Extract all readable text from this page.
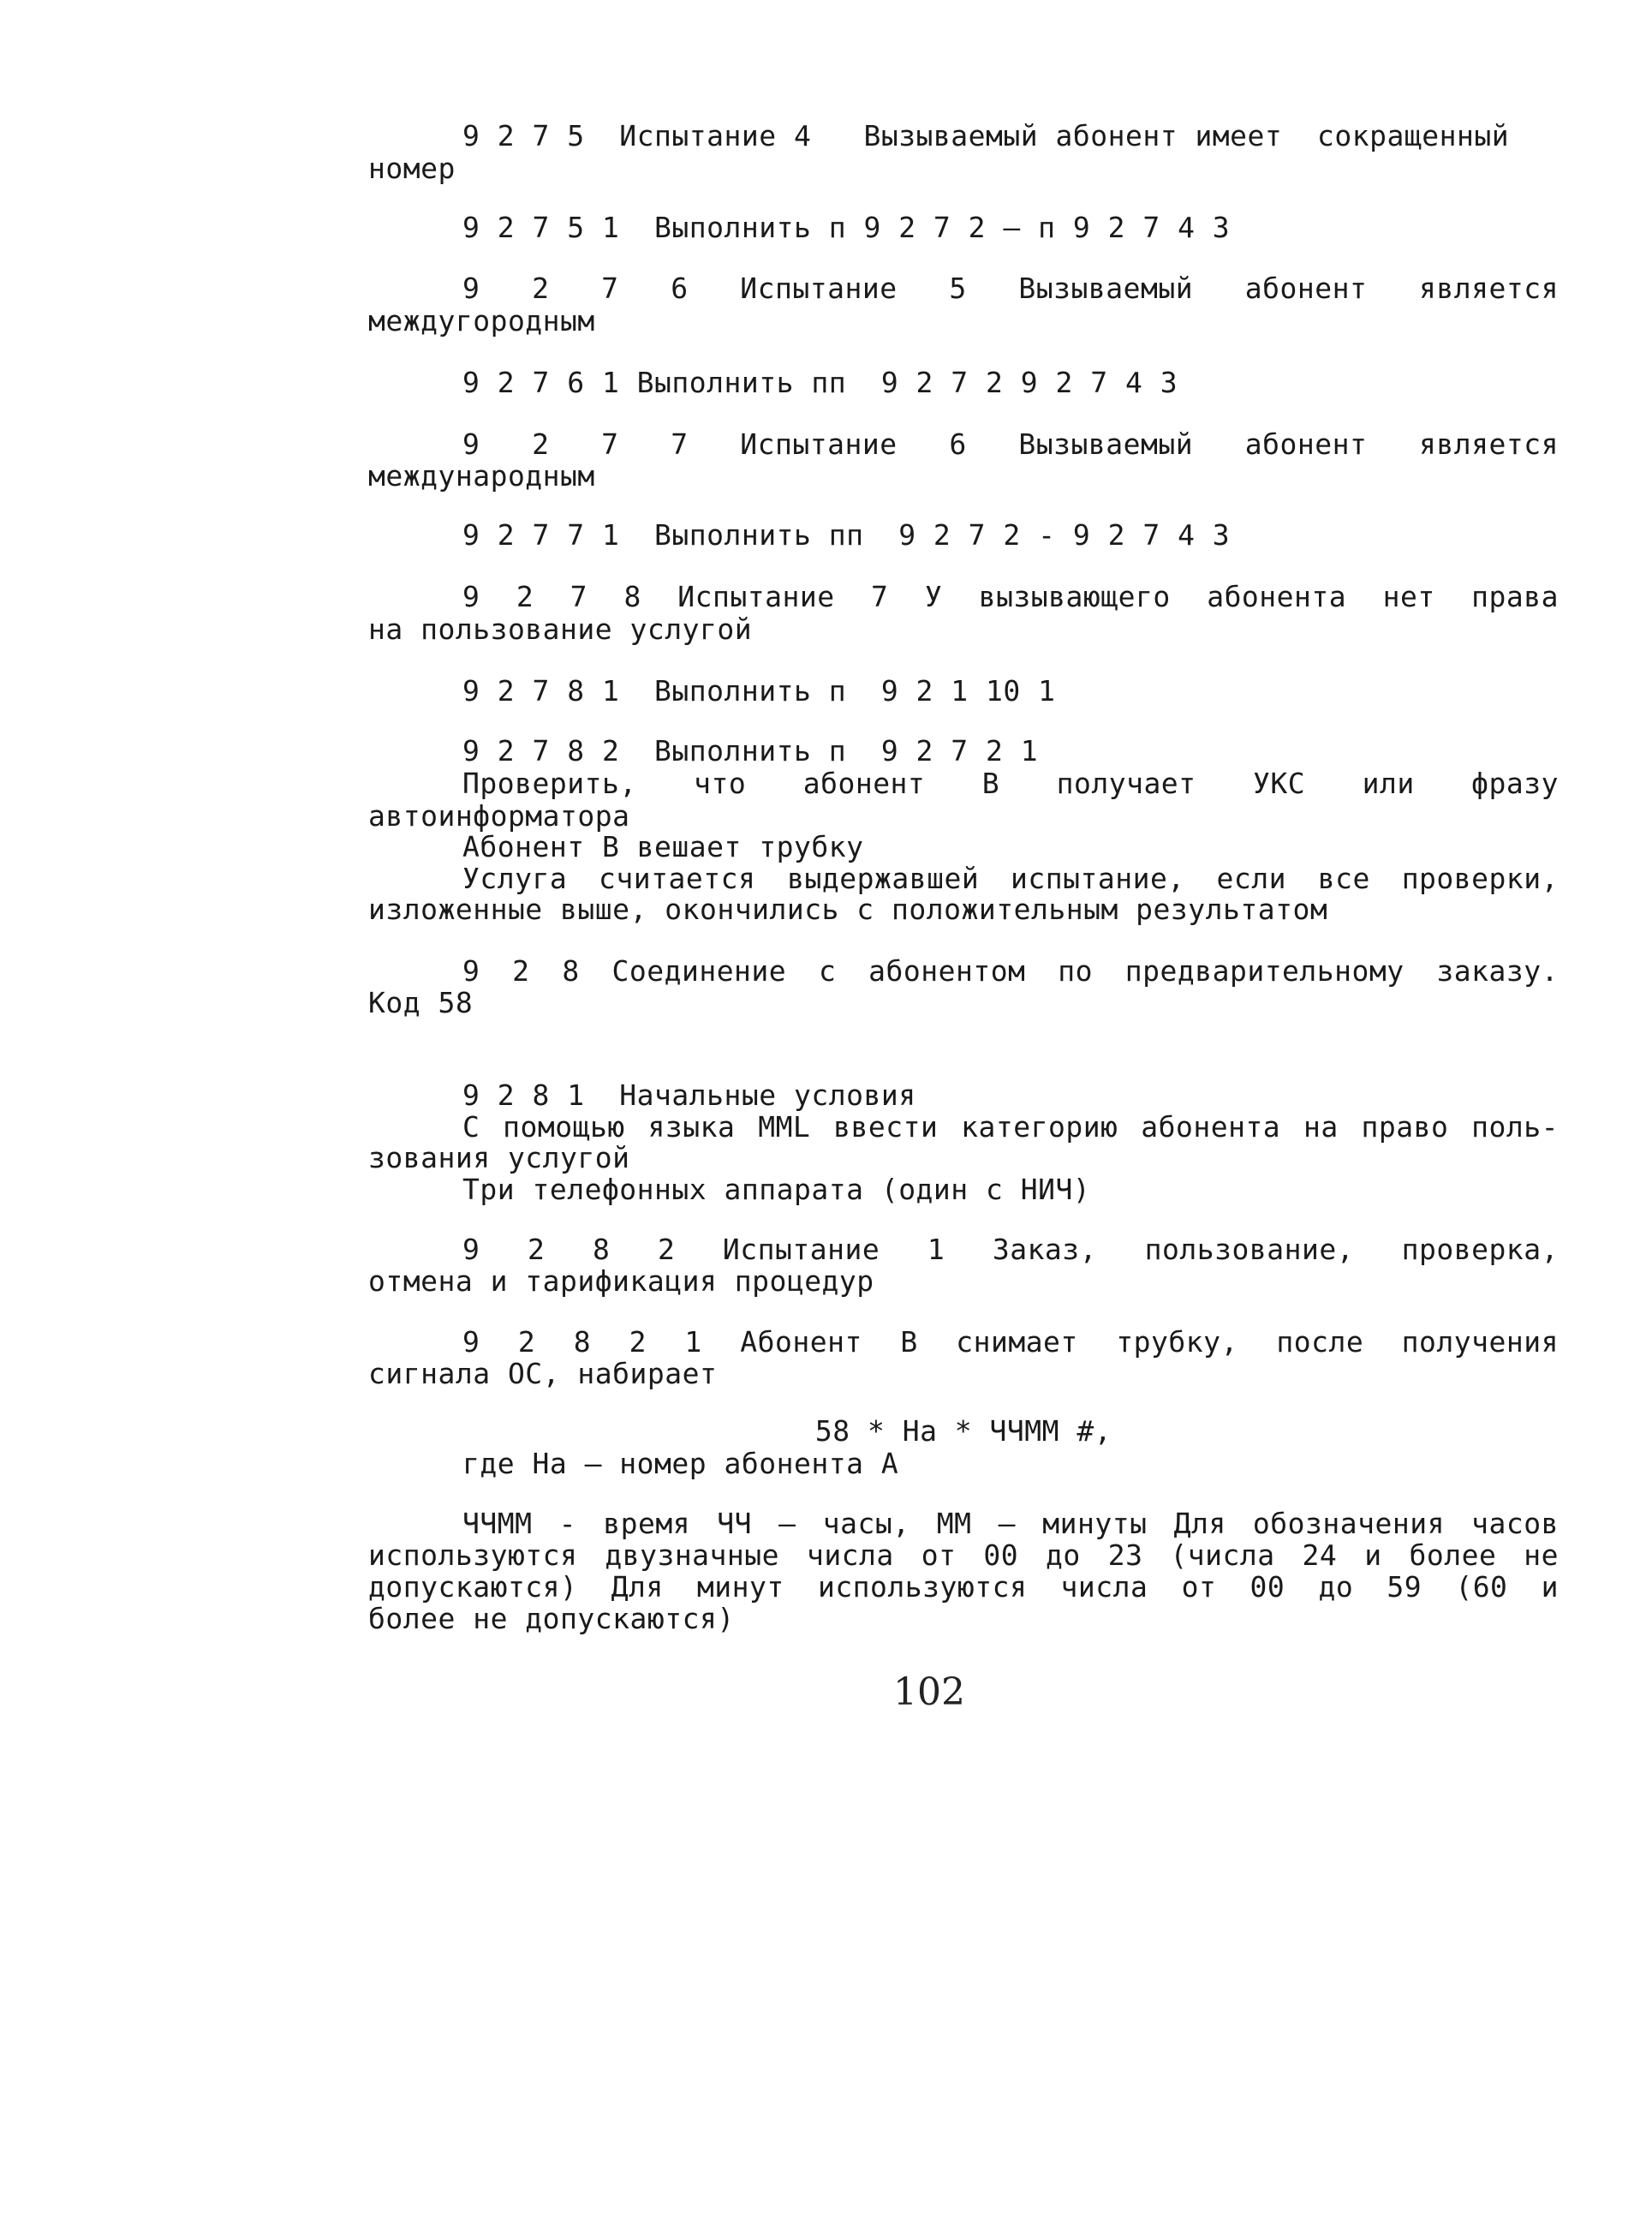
9 2 7 5  Испытание 4   Вызываемый абонент имеет  сокращенный
номер
9 2 7 5 1  Выполнить п 9 2 7 2 – п 9 2 7 4 3
9 2 7 6 Испытание 5 Вызываемый абонент является
междугородным
9 2 7 6 1 Выполнить пп  9 2 7 2 9 2 7 4 3
9 2 7 7 Испытание 6 Вызываемый абонент является
международным
9 2 7 7 1  Выполнить пп  9 2 7 2 - 9 2 7 4 3
9 2 7 8 Испытание 7 У вызывающего абонента нет права
на пользование услугой
9 2 7 8 1  Выполнить п  9 2 1 10 1
9 2 7 8 2  Выполнить п  9 2 7 2 1
Проверить, что абонент В получает УКС или фразу
автоинформатора
Абонент В вешает трубку
Услуга считается выдержавшей испытание, если все проверки,
изложенные выше, окончились с положительным результатом
9 2 8 Соединение с абонентом по предварительному заказу.
Код 58
9 2 8 1  Начальные условия
С помощью языка ММL ввести категорию абонента на право поль-
зования услугой
Три телефонных аппарата (один с НИЧ)
9 2 8 2 Испытание 1 Заказ, пользование, проверка,
отмена и тарификация процедур
9 2 8 2 1 Абонент В снимает трубку, после получения
сигнала ОС, набирает
58 * На * ЧЧММ #,
где На – номер абонента А
ЧЧММ - время ЧЧ – часы, ММ – минуты Для обозначения часов
используются двузначные числа от 00 до 23 (числа 24 и более не
допускаются) Для минут используются числа от 00 до 59 (60 и
более не допускаются)
102
